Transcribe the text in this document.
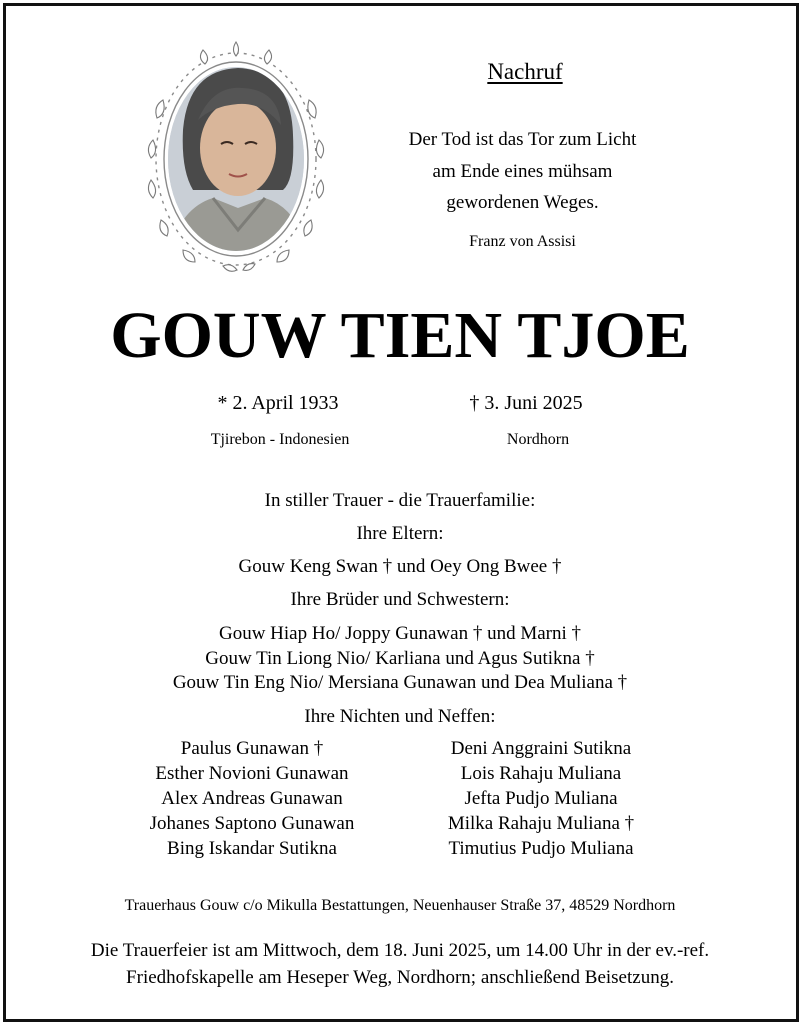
Nachruf
Der Tod ist das Tor zum Licht
am Ende eines mühsam
gewordenen Weges.
Franz von Assisi
GOUW TIEN TJOE
* 2. April 1933	† 3. Juni 2025
Tjirebon - Indonesien	Nordhorn
In stiller Trauer - die Trauerfamilie:
Ihre Eltern:
Gouw Keng Swan † und Oey Ong Bwee †
Ihre Brüder und Schwestern:
Gouw Hiap Ho/ Joppy Gunawan † und Marni †
Gouw Tin Liong Nio/ Karliana und Agus Sutikna †
Gouw Tin Eng Nio/ Mersiana Gunawan und Dea Muliana †
Ihre Nichten und Neffen:
Paulus Gunawan †
Esther Novioni Gunawan
Alex Andreas Gunawan
Johanes Saptono Gunawan
Bing Iskandar Sutikna
Deni Anggraini Sutikna
Lois Rahaju Muliana
Jefta Pudjo Muliana
Milka Rahaju Muliana †
Timutius Pudjo Muliana
Trauerhaus Gouw c/o Mikulla Bestattungen, Neuenhauser Straße 37, 48529 Nordhorn
Die Trauerfeier ist am Mittwoch, dem 18. Juni 2025, um 14.00 Uhr in der ev.-ref.
Friedhofskapelle am Heseper Weg, Nordhorn; anschließend Beisetzung.
